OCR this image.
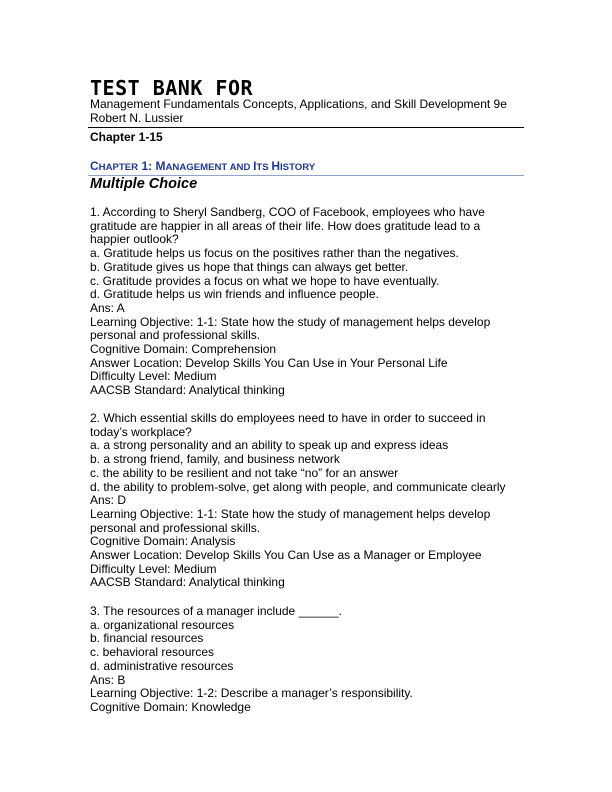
TEST BANK FOR
Management Fundamentals Concepts, Applications, and Skill Development 9e
Robert N. Lussier
Chapter 1-15
CHAPTER 1: MANAGEMENT AND ITS HISTORY
Multiple Choice
1. According to Sheryl Sandberg, COO of Facebook, employees who have
gratitude are happier in all areas of their life. How does gratitude lead to a
happier outlook?
a. Gratitude helps us focus on the positives rather than the negatives.
b. Gratitude gives us hope that things can always get better.
c. Gratitude provides a focus on what we hope to have eventually.
d. Gratitude helps us win friends and influence people.
Ans: A
Learning Objective: 1-1: State how the study of management helps develop
personal and professional skills.
Cognitive Domain: Comprehension
Answer Location: Develop Skills You Can Use in Your Personal Life
Difficulty Level: Medium
AACSB Standard: Analytical thinking
2. Which essential skills do employees need to have in order to succeed in
today’s workplace?
a. a strong personality and an ability to speak up and express ideas
b. a strong friend, family, and business network
c. the ability to be resilient and not take “no” for an answer
d. the ability to problem-solve, get along with people, and communicate clearly
Ans: D
Learning Objective: 1-1: State how the study of management helps develop
personal and professional skills.
Cognitive Domain: Analysis
Answer Location: Develop Skills You Can Use as a Manager or Employee
Difficulty Level: Medium
AACSB Standard: Analytical thinking
3. The resources of a manager include ______.
a. organizational resources
b. financial resources
c. behavioral resources
d. administrative resources
Ans: B
Learning Objective: 1-2: Describe a manager’s responsibility.
Cognitive Domain: Knowledge
